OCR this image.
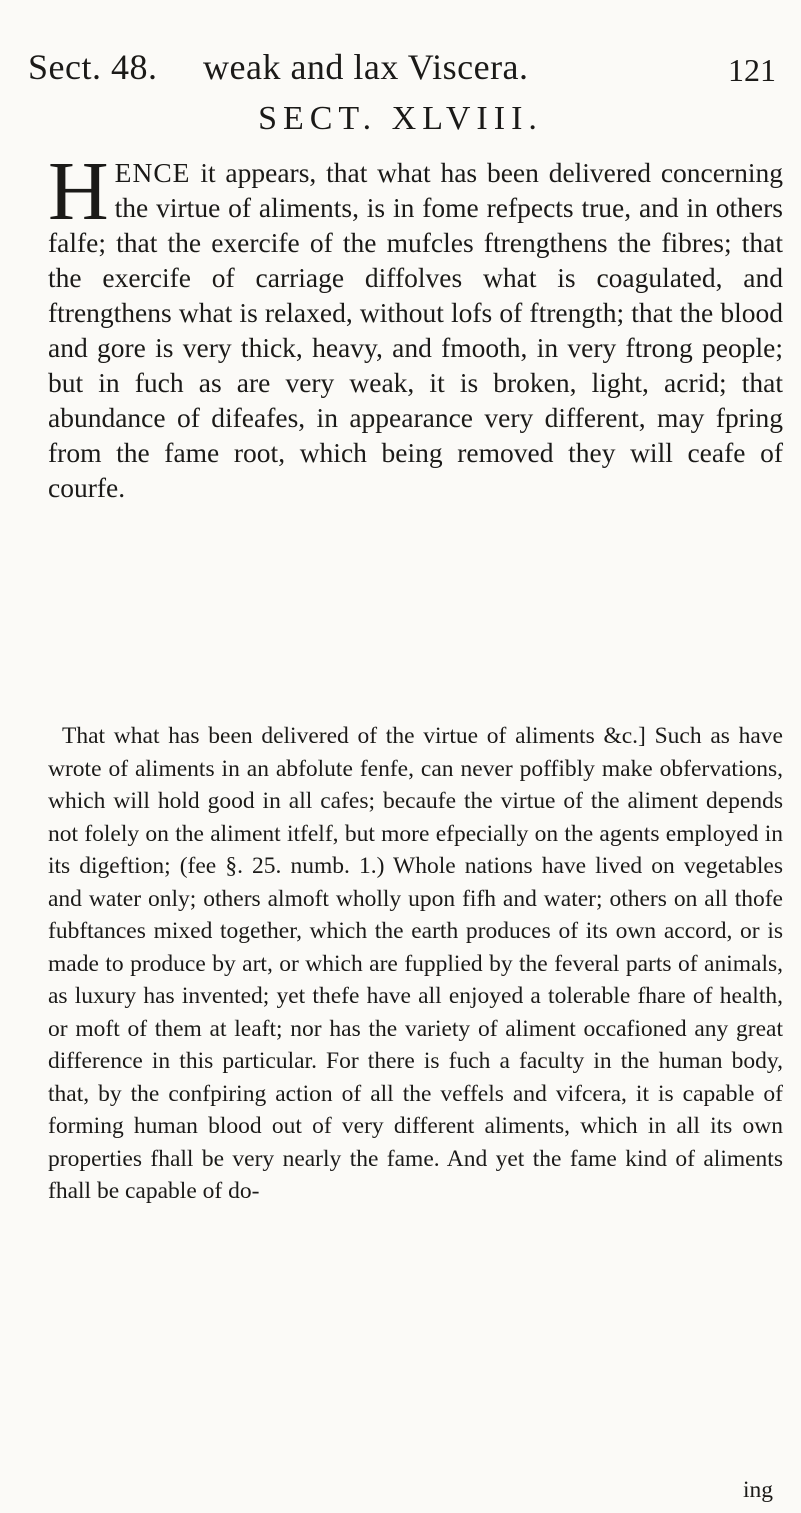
Sect. 48. weak and lax Viscera.	121
SECT. XLVIII.
HENCE it appears, that what has been delivered concerning the virtue of aliments, is in fome refpects true, and in others falfe; that the exercife of the mufcles ftrengthens the fibres; that the exercife of carriage diffolves what is coagulated, and ftrengthens what is relaxed, without lofs of ftrength; that the blood and gore is very thick, heavy, and fmooth, in very ftrong people; but in fuch as are very weak, it is broken, light, acrid; that abundance of difeafes, in appearance very different, may fpring from the fame root, which being removed they will ceafe of courfe.
That what has been delivered of the virtue of aliments &c.] Such as have wrote of aliments in an abfolute fenfe, can never poffibly make obfervations, which will hold good in all cafes; becaufe the virtue of the aliment depends not folely on the aliment itfelf, but more efpecially on the agents employed in its digeftion; (fee §. 25. numb. 1.) Whole nations have lived on vegetables and water only; others almoft wholly upon fifh and water; others on all thofe fubftances mixed together, which the earth produces of its own accord, or is made to produce by art, or which are fupplied by the feveral parts of animals, as luxury has invented; yet thefe have all enjoyed a tolerable fhare of health, or moft of them at leaft; nor has the variety of aliment occafioned any great difference in this particular. For there is fuch a faculty in the human body, that, by the confpiring action of all the veffels and vifcera, it is capable of forming human blood out of very different aliments, which in all its own properties fhall be very nearly the fame. And yet the fame kind of aliments fhall be capable of do-
ing
